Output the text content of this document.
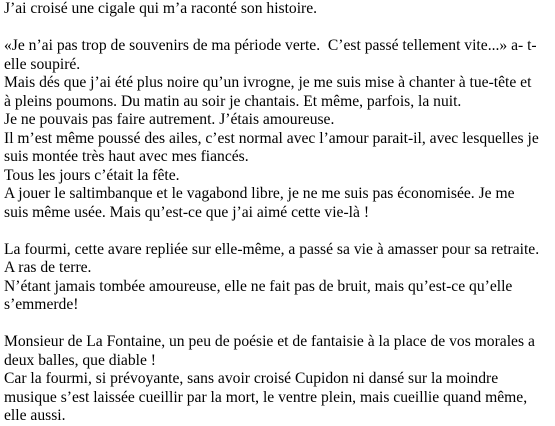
J’ai croisé une cigale qui m’a raconté son histoire.
«Je n’ai pas trop de souvenirs de ma période verte.  C’est passé tellement vite...» a- t-
elle soupiré.
Mais dés que j’ai été plus noire qu’un ivrogne, je me suis mise à chanter à tue-tête et
à pleins poumons. Du matin au soir je chantais. Et même, parfois, la nuit.
Je ne pouvais pas faire autrement. J’étais amoureuse.
Il m’est même poussé des ailes, c’est normal avec l’amour parait-il, avec lesquelles je
suis montée très haut avec mes fiancés.
Tous les jours c’était la fête.
A jouer le saltimbanque et le vagabond libre, je ne me suis pas économisée. Je me
suis même usée. Mais qu’est-ce que j’ai aimé cette vie-là !
La fourmi, cette avare repliée sur elle-même, a passé sa vie à amasser pour sa retraite.
A ras de terre.
N’étant jamais tombée amoureuse, elle ne fait pas de bruit, mais qu’est-ce qu’elle
s’emmerde!
Monsieur de La Fontaine, un peu de poésie et de fantaisie à la place de vos morales a
deux balles, que diable !
Car la fourmi, si prévoyante, sans avoir croisé Cupidon ni dansé sur la moindre
musique s’est laissée cueillir par la mort, le ventre plein, mais cueillie quand même,
elle aussi.
